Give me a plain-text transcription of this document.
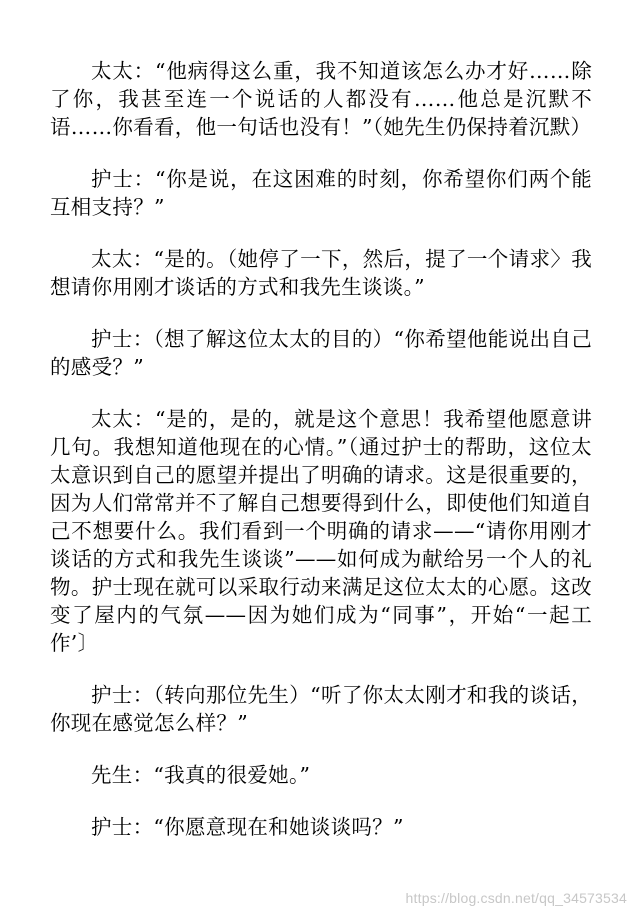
太太：“他病得这么重，我不知道该怎么办才好……除了你，我甚至连一个说话的人都没有……他总是沉默不语……你看看，他一句话也没有！”（她先生仍保持着沉默）

护士：“你是说，在这困难的时刻，你希望你们两个能互相支持？”

太太：“是的。（她停了一下，然后，提了一个请求〉我想请你用刚才谈话的方式和我先生谈谈。”

护士：（想了解这位太太的目的）“你希望他能说出自己的感受？”

太太：“是的，是的，就是这个意思！我希望他愿意讲几句。我想知道他现在的心情。”（通过护士的帮助，这位太太意识到自己的愿望并提出了明确的请求。这是很重要的，因为人们常常并不了解自己想要得到什么，即使他们知道自己不想要什么。我们看到一个明确的请求——“请你用刚才谈话的方式和我先生谈谈”——如何成为献给另一个人的礼物。护士现在就可以采取行动来满足这位太太的心愿。这改变了屋内的气氛——因为她们成为“同事”，开始“一起工作’〕

护士：（转向那位先生）“听了你太太刚才和我的谈话，你现在感觉怎么样？”

先生：“我真的很爱她。”

护士：“你愿意现在和她谈谈吗？”

https://blog.csdn.net/qq_34573534
